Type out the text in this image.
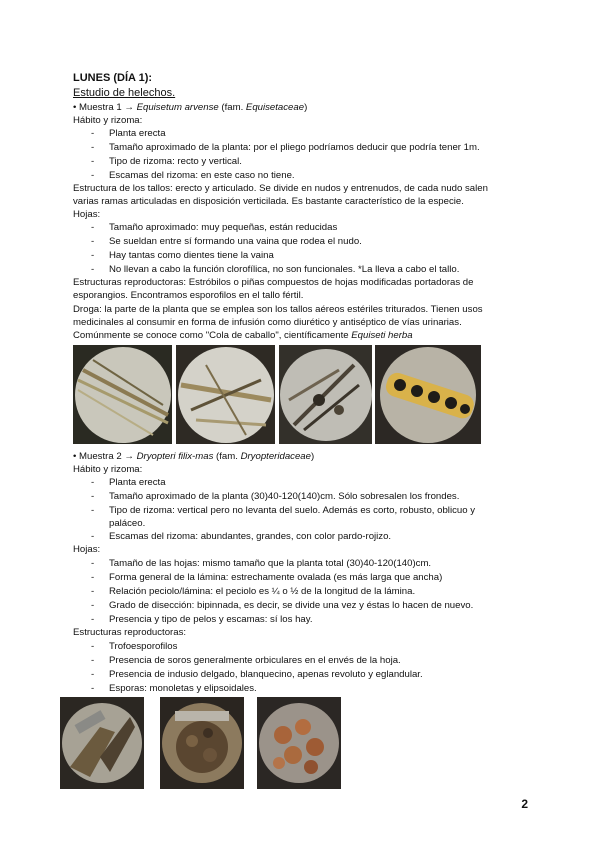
LUNES (DÍA 1):
Estudio de helechos.
• Muestra 1 → Equisetum arvense (fam. Equisetaceae)
Hábito y rizoma:
- Planta erecta
- Tamaño aproximado de la planta: por el pliego podríamos deducir que podría tener 1m.
- Tipo de rizoma: recto y vertical.
- Escamas del rizoma: en este caso no tiene.
Estructura de los tallos: erecto y articulado. Se divide en nudos y entrenudos, de cada nudo salen varias ramas articuladas en disposición verticilada. Es bastante característico de la especie.
Hojas:
- Tamaño aproximado: muy pequeñas, están reducidas
- Se sueldan entre sí formando una vaina que rodea el nudo.
- Hay tantas como dientes tiene la vaina
- No llevan a cabo la función clorofílica, no son funcionales. *La lleva a cabo el tallo.
Estructuras reproductoras: Estróbilos o piñas compuestos de hojas modificadas portadoras de esporangios. Encontramos esporofilos en el tallo fértil.
Droga: la parte de la planta que se emplea son los tallos aéreos estériles triturados. Tienen usos medicinales al consumir en forma de infusión como diurético y antiséptico de vías urinarias.
Comúnmente se conoce como "Cola de caballo", científicamente Equiseti herba
• Muestra 2 → Dryopteri filix-mas (fam. Dryopteridaceae)
Hábito y rizoma:
- Planta erecta
- Tamaño aproximado de la planta (30)40-120(140)cm. Sólo sobresalen los frondes.
- Tipo de rizoma: vertical pero no levanta del suelo. Además es corto, robusto, oblicuo y
paláceo.
- Escamas del rizoma: abundantes, grandes, con color pardo-rojizo.
Hojas:
- Tamaño de las hojas: mismo tamaño que la planta total (30)40-120(140)cm.
- Forma general de la lámina: estrechamente ovalada (es más larga que ancha)
- Relación peciolo/lámina: el peciolo es ¼ o ½ de la longitud de la lámina.
- Grado de disección: bipinnada, es decir, se divide una vez y éstas lo hacen de nuevo.
- Presencia y tipo de pelos y escamas: sí los hay.
Estructuras reproductoras:
- Trofoesporofilos
- Presencia de soros generalmente orbiculares en el envés de la hoja.
- Presencia de indusio delgado, blanquecino, apenas revoluto y eglandular.
- Esporas: monoletas y elipsoidales.
2
